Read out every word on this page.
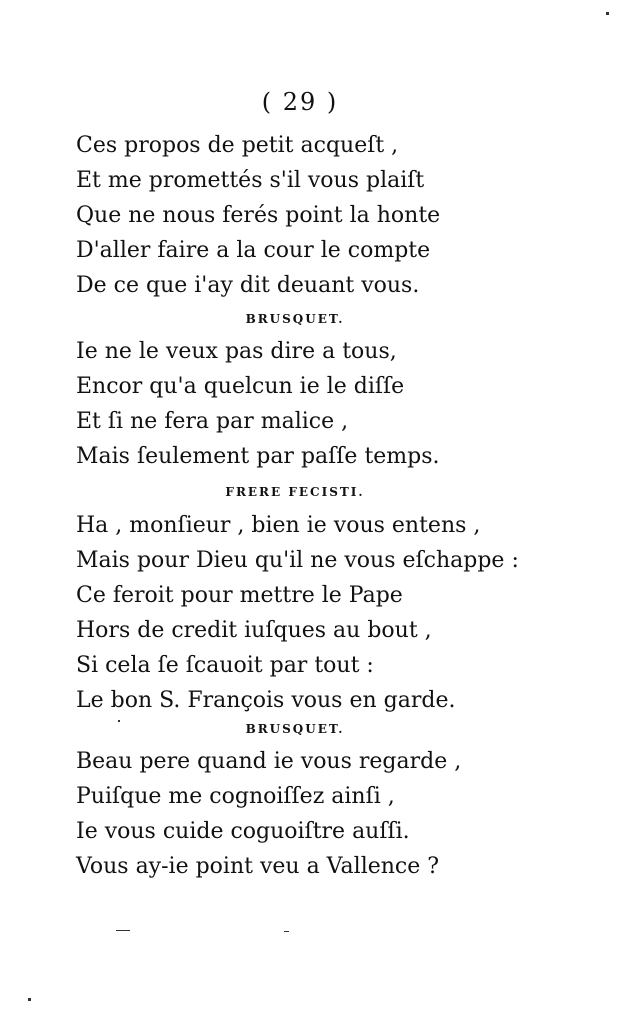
( 29 )
Ces propos de petit acqueſt ,
Et me promettés s'il vous plaiſt
Que ne nous ferés point la honte
D'aller faire a la cour le compte
De ce que i'ay dit deuant vous.
BRUSQUET.
Ie ne le veux pas dire a tous,
Encor qu'a quelcun ie le diſſe
Et ſi ne fera par malice ,
Mais ſeulement par paſſe temps.
FRERE FECISTI.
Ha , monſieur , bien ie vous entens ,
Mais pour Dieu qu'il ne vous eſchappe :
Ce feroit pour mettre le Pape
Hors de credit iuſques au bout ,
Si cela ſe ſcauoit par tout :
Le bon S. François vous en garde.
BRUSQUET.
Beau pere quand ie vous regarde ,
Puiſque me cognoiſſez ainſi ,
Ie vous cuide coguoiſtre auſſi.
Vous ay-ie point veu a Vallence ?
